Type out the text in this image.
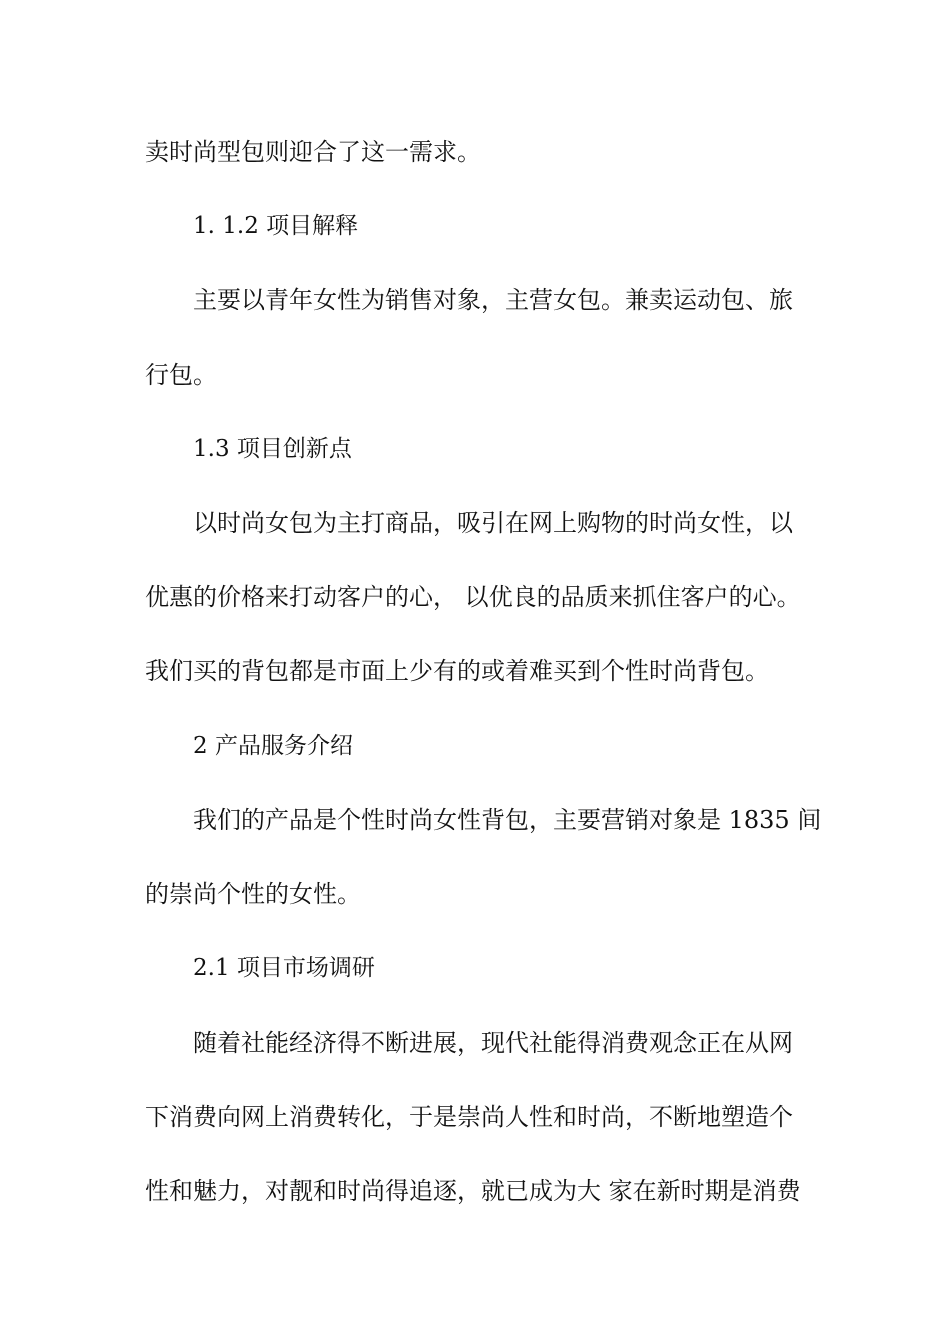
卖时尚型包则迎合了这一需求。
1. 1.2 项目解释
主要以青年女性为销售对象，主营女包。兼卖运动包、旅
行包。
1.3 项目创新点
以时尚女包为主打商品，吸引在网上购物的时尚女性，以
优惠的价格来打动客户的心， 以优良的品质来抓住客户的心。
我们买的背包都是市面上少有的或着难买到个性时尚背包。
2 产品服务介绍
我们的产品是个性时尚女性背包，主要营销对象是 1835 间
的崇尚个性的女性。
2.1 项目市场调研
随着社能经济得不断进展，现代社能得消费观念正在从网
下消费向网上消费转化，于是崇尚人性和时尚，不断地塑造个
性和魅力，对靓和时尚得追逐，就已成为大 家在新时期是消费
